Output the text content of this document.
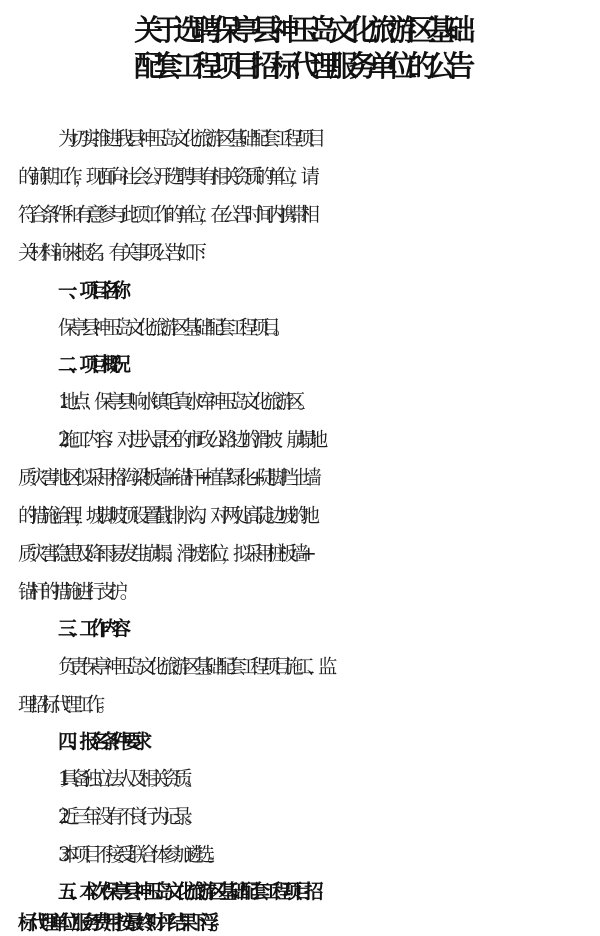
关于选聘保亭县神玉岛文化旅游区基础
配套工程项目招标代理服务单位的公告
为切实推进我县神玉岛文化旅游区基础配套工程项目
的前期工作，现面向社会公开选聘具有相关资质的单位，请
符合条件和有意参与此项工作的单位，在公告时间内携带相
关材料前来报名。有关事项公告如下：
一、项目名称
保亭县神玉岛文化旅游区基础配套工程项目。
二、项目概况
1.地点：保亭县响水镇毛真水库神玉岛文化旅游区。
2.施工内容：对进入景区的市政公路边的滑坡、崩塌地
质灾害地区拟采用格沟梁板墙+锚杆+植草绿化+陡脚挡土墙
的措施治理，坡脚坡顶设置截排水沟。对两处高陡边坡的地
质灾害隐患及降雨易发生崩塌、滑坡部位，拟采用桩板墙+
锚杆的措施进行支护。
三、工作内容
负责保亭神玉岛文化旅游区基础配套工程项目施工、监
理招标代理工作。
四、报名条件要求
1.具备独立法人及相关资质。
2.近三年没有不良行为记录。
3.本项目不接受联合体参加遴选。
五、本次保亭县神玉岛文化旅游区基础配套工程项目招
标代理单位服务费用按最终财评结果下浮。
